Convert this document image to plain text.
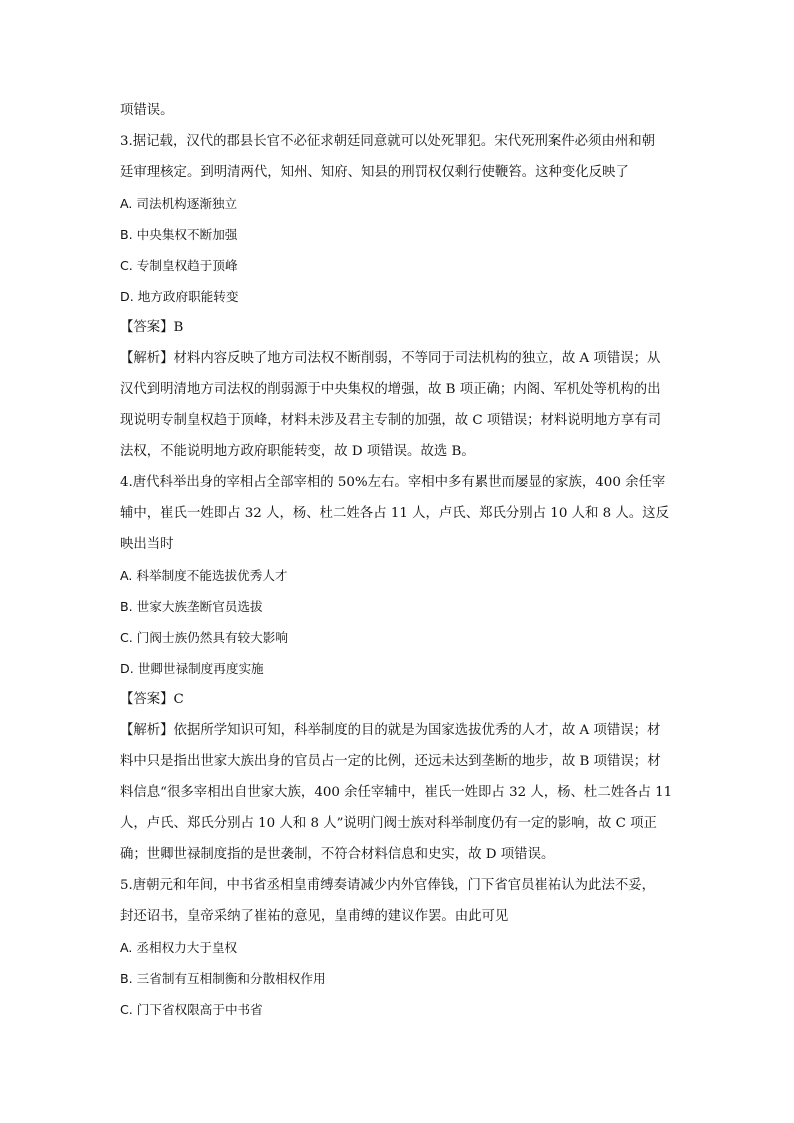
项错误。
3.据记载，汉代的郡县长官不必征求朝廷同意就可以处死罪犯。宋代死刑案件必须由州和朝
廷审理核定。到明清两代，知州、知府、知县的刑罚权仅剩行使鞭笞。这种变化反映了
A. 司法机构逐渐独立
B. 中央集权不断加强
C. 专制皇权趋于顶峰
D. 地方政府职能转变
【答案】B
【解析】材料内容反映了地方司法权不断削弱，不等同于司法机构的独立，故 A 项错误；从
汉代到明清地方司法权的削弱源于中央集权的增强，故 B 项正确；内阁、军机处等机构的出
现说明专制皇权趋于顶峰，材料未涉及君主专制的加强，故 C 项错误；材料说明地方享有司
法权，不能说明地方政府职能转变，故 D 项错误。故选 B。
4.唐代科举出身的宰相占全部宰相的 50%左右。宰相中多有累世而屡显的家族，400 余任宰
辅中，崔氏一姓即占 32 人，杨、杜二姓各占 11 人，卢氏、郑氏分别占 10 人和 8 人。这反
映出当时
A. 科举制度不能选拔优秀人才
B. 世家大族垄断官员选拔
C. 门阀士族仍然具有较大影响
D. 世卿世禄制度再度实施
【答案】C
【解析】依据所学知识可知，科举制度的目的就是为国家选拔优秀的人才，故 A 项错误；材
料中只是指出世家大族出身的官员占一定的比例，还远未达到垄断的地步，故 B 项错误；材
料信息“很多宰相出自世家大族，400 余任宰辅中，崔氏一姓即占 32 人，杨、杜二姓各占 11
人，卢氏、郑氏分别占 10 人和 8 人”说明门阀士族对科举制度仍有一定的影响，故 C 项正
确；世卿世禄制度指的是世袭制，不符合材料信息和史实，故 D 项错误。
5.唐朝元和年间，中书省丞相皇甫缚奏请减少内外官俸钱，门下省官员崔祐认为此法不妥，
封还诏书，皇帝采纳了崔祐的意见，皇甫缚的建议作罢。由此可见
A. 丞相权力大于皇权
B. 三省制有互相制衡和分散相权作用
C. 门下省权限高于中书省
